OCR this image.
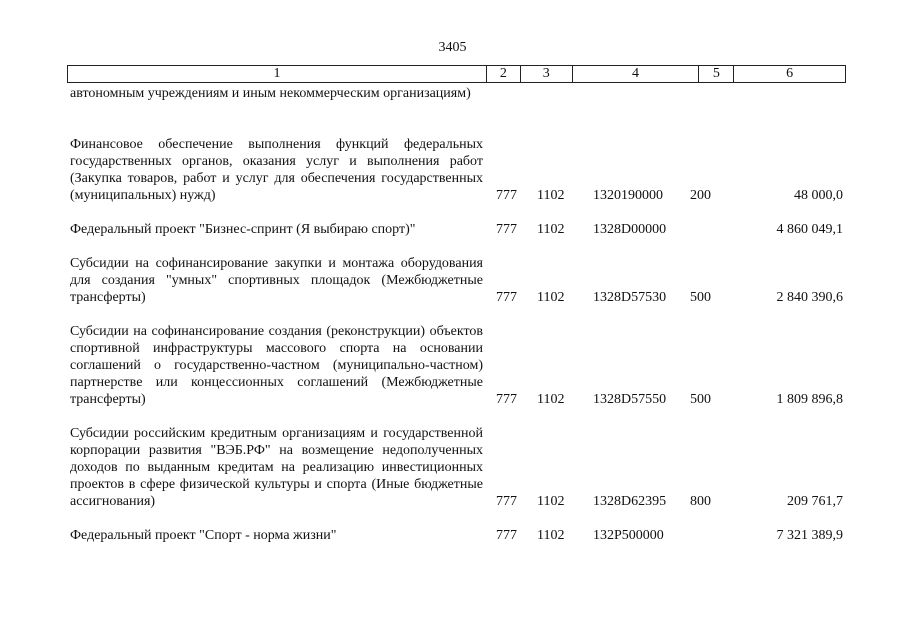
3405
1	2	3	4	5	6
автономным учреждениям и иным некоммерческим организациям)
Финансовое обеспечение выполнения функций федеральных государственных органов, оказания услуг и выполнения работ (Закупка товаров, работ и услуг для обеспечения государственных (муниципальных) нужд)	777 1102 1320190000 200	48 000,0
Федеральный проект "Бизнес-спринт (Я выбираю спорт)"	777 1102 1328D00000	4 860 049,1
Субсидии на софинансирование закупки и монтажа оборудования для создания "умных" спортивных площадок (Межбюджетные трансферты)	777 1102 1328D57530 500	2 840 390,6
Субсидии на софинансирование создания (реконструкции) объектов спортивной инфраструктуры массового спорта на основании соглашений о государственно-частном (муниципально-частном) партнерстве или концессионных соглашений (Межбюджетные трансферты)	777 1102 1328D57550 500	1 809 896,8
Субсидии российским кредитным организациям и государственной корпорации развития "ВЭБ.РФ" на возмещение недополученных доходов по выданным кредитам на реализацию инвестиционных проектов в сфере физической культуры и спорта (Иные бюджетные ассигнования)	777 1102 1328D62395 800	209 761,7
Федеральный проект "Спорт - норма жизни"	777 1102 132P500000	7 321 389,9
